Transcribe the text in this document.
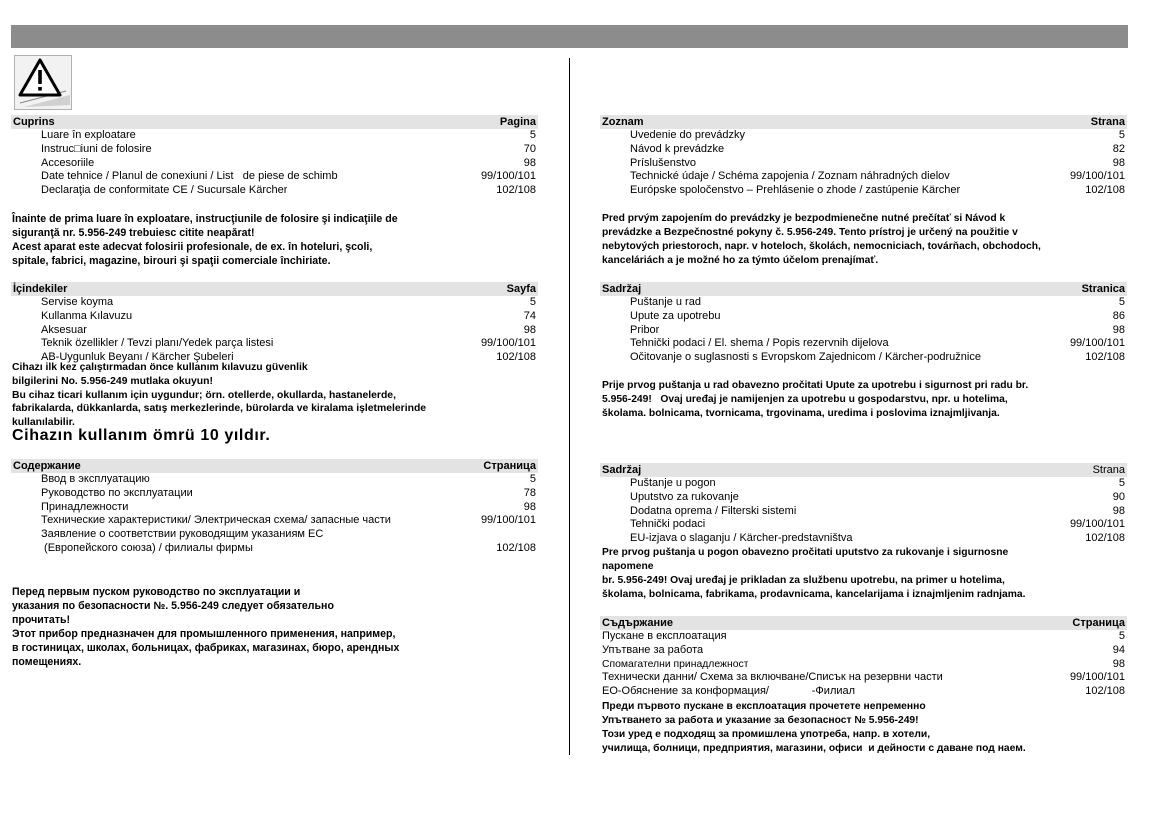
Cuprins	Pagina
Luare în exploatare	5
Instruc□iuni de folosire	70
Accesoriile	98
Date tehnice / Planul de conexiuni / List   de piese de schimb	99/100/101
Declaraţia de conformitate CE / Sucursale Kärcher	102/108
Înainte de prima luare în exploatare, instrucţiunile de folosire şi indicaţiile de
siguranţă nr. 5.956-249 trebuiesc citite neapărat!
Acest aparat este adecvat folosirii profesionale, de ex. în hoteluri, şcoli,
spitale, fabrici, magazine, birouri şi spaţii comerciale închiriate.
İçindekiler	Sayfa
Servise koyma	5
Kullanma Kılavuzu	74
Aksesuar	98
Teknik özellikler / Tevzi planı/Yedek parça listesi	99/100/101
AB-Uygunluk Beyanı / Kärcher Şubeleri	102/108
Cihazı ilk kez çalıştırmadan önce kullanım kılavuzu güvenlik
bilgilerini No. 5.956-249 mutlaka okuyun!
Bu cihaz ticari kullanım için uygundur; örn. otellerde, okullarda, hastanelerde,
fabrikalarda, dükkanlarda, satış merkezlerinde, bürolarda ve kiralama işletmelerinde
kullanılabilir.
Cihazın kullanım ömrü 10 yıldır.
Содержание	Страница
Ввод в эксплуатацию	5
Руководство по эксплуатации	78
Принадлежности	98
Технические характеристики/ Электрическая схема/ запасные части	99/100/101
Заявление о соответствии руководящим указаниям ЕС
(Европейского союза) / филиалы фирмы	102/108
Перед первым пуском руководство по эксплуатации и
указания по безопасности №. 5.956-249 следует обязательно
прочитать!
Этот прибор предназначен для промышленного применения, например,
в гостиницах, школах, больницах, фабриках, магазинах, бюро, арендных
помещениях.
Zoznam	Strana
Uvedenie do prevádzky	5
Návod k prevádzke	82
Príslušenstvo	98
Technické údaje / Schéma zapojenia / Zoznam náhradných dielov	99/100/101
Európske spoločenstvo – Prehlásenie o zhode / zastúpenie Kärcher	102/108
Pred prvým zapojením do prevádzky je bezpodmienečne nutné prečítať si Návod k
prevádzke a Bezpečnostné pokyny č. 5.956-249. Tento prístroj je určený na použitie v
nebytových priestoroch, napr. v hoteloch, školách, nemocniciach, továrňach, obchodoch,
kanceláriách a je možné ho za týmto účelom prenajímať.
Sadržaj	Stranica
Puštanje u rad	5
Upute za upotrebu	86
Pribor	98
Tehnički podaci / El. shema / Popis rezervnih dijelova	99/100/101
Očitovanje o suglasnosti s Evropskom Zajednicom / Kärcher-podružnice	102/108
Prije prvog puštanja u rad obavezno pročitati Upute za upotrebu i sigurnost pri radu br.
5.956-249!   Ovaj uređaj je namijenjen za upotrebu u gospodarstvu, npr. u hotelima,
školama. bolnicama, tvornicama, trgovinama, uredima i poslovima iznajmljivanja.
Sadržaj	Strana
Puštanje u pogon	5
Uputstvo za rukovanje	90
Dodatna oprema / Filterski sistemi	98
Tehnički podaci	99/100/101
EU-izjava o slaganju / Kärcher-predstavništva	102/108
Pre prvog puštanja u pogon obavezno pročitati uputstvo za rukovanje i sigurnosne
napomene
br. 5.956-249! Ovaj uređaj je prikladan za službenu upotrebu, na primer u hotelima,
školama, bolnicama, fabrikama, prodavnicama, kancelarijama i iznajmljenim radnjama.
Съдържание	Страница
Пускане в експлоатация	5
Упътване за работа	94
Спомагателни принадлежност	98
Технически данни/ Схема за включване/Списък на резервни части	99/100/101
ЕО-Обяснение за конформация/              -Филиал	102/108
Преди първото пускане в експлоатация прочетете непременно
Упътването за работа и указание за безопасност № 5.956-249!
Този уред е подходящ за промишлена употреба, напр. в хотели,
училища, болници, предприятия, магазини, офиси  и дейности с даване под наем.
